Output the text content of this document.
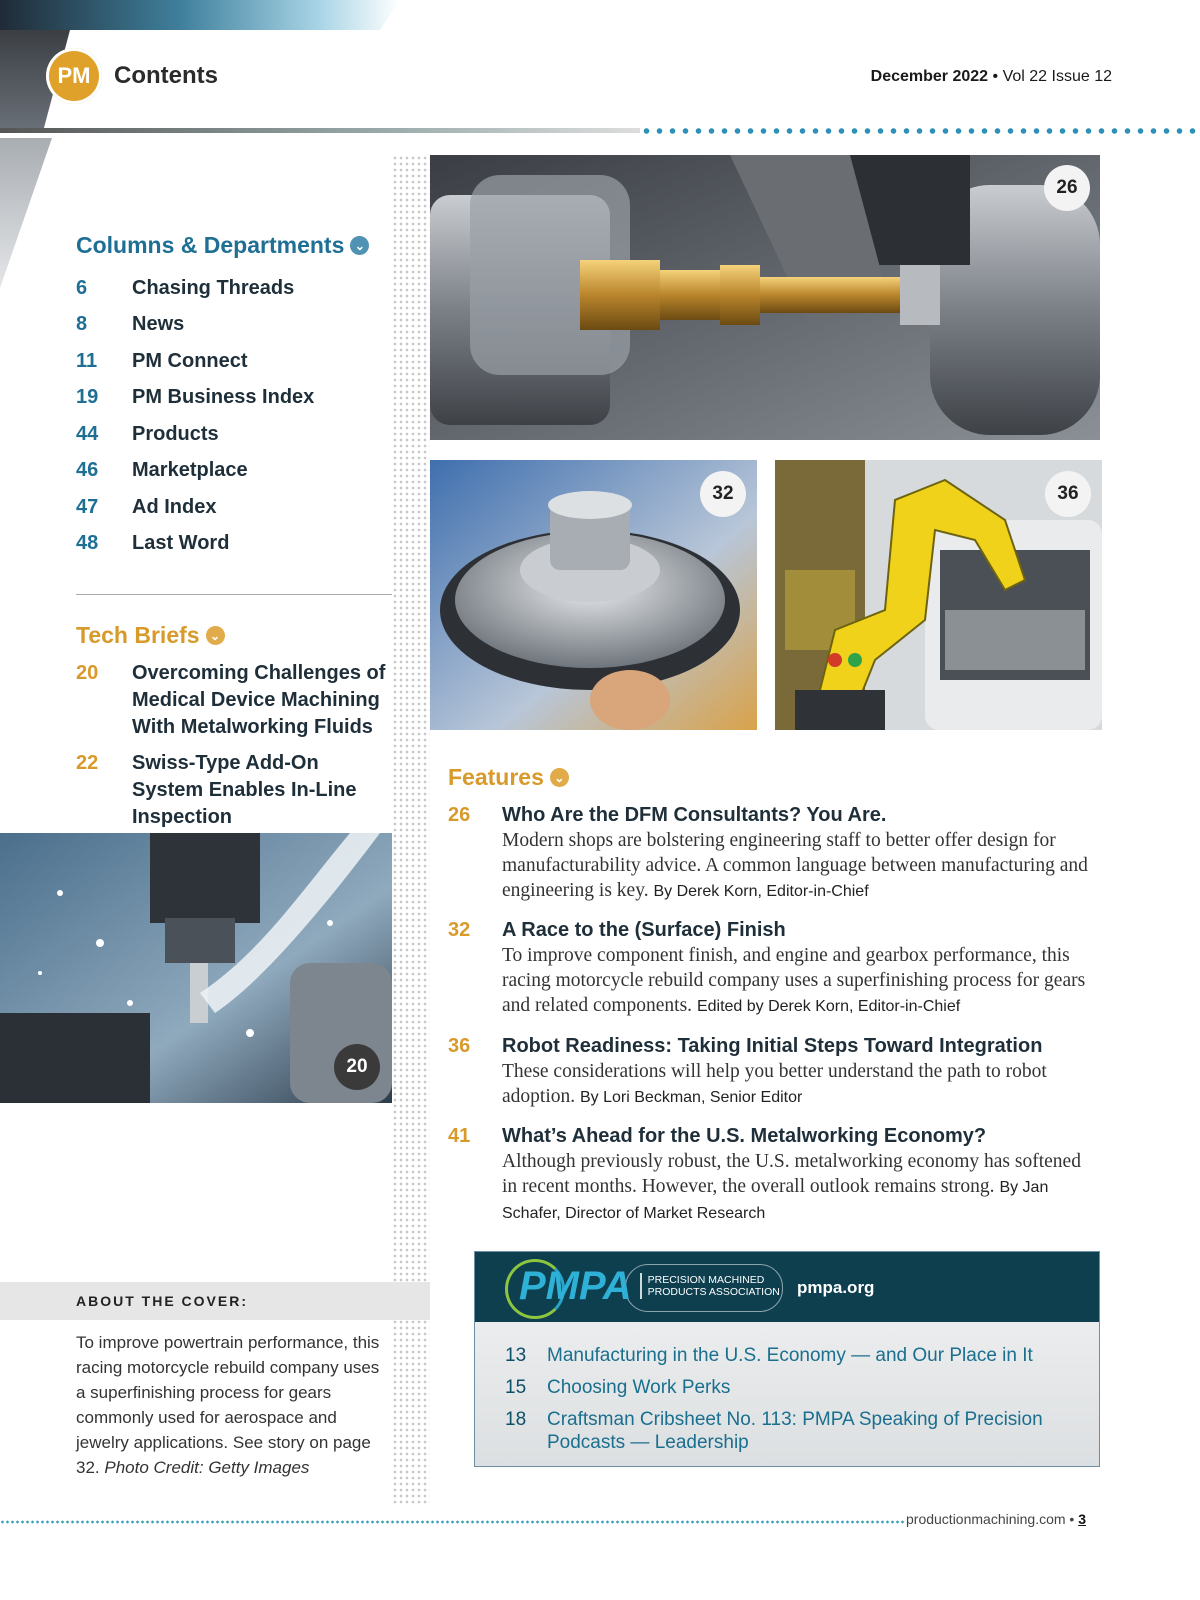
PM Contents	December 2022 • Vol 22 Issue 12
Columns & Departments ⌄
6	Chasing Threads
8	News
11	PM Connect
19	PM Business Index
44	Products
46	Marketplace
47	Ad Index
48	Last Word
Tech Briefs ⌄
20	Overcoming Challenges of Medical Device Machining With Metalworking Fluids
22	Swiss-Type Add-On System Enables In-Line Inspection
26
32	36
20
Features ⌄
26	Who Are the DFM Consultants? You Are.
Modern shops are bolstering engineering staff to better offer design for manufacturability advice. A common language between manufacturing and engineering is key. By Derek Korn, Editor-in-Chief
32	A Race to the (Surface) Finish
To improve component finish, and engine and gearbox performance, this racing motorcycle rebuild company uses a superfinishing process for gears and related components. Edited by Derek Korn, Editor-in-Chief
36	Robot Readiness: Taking Initial Steps Toward Integration
These considerations will help you better understand the path to robot adoption. By Lori Beckman, Senior Editor
41	What’s Ahead for the U.S. Metalworking Economy?
Although previously robust, the U.S. metalworking economy has softened in recent months. However, the overall outlook remains strong. By Jan Schafer, Director of Market Research
ABOUT THE COVER:
To improve powertrain performance, this racing motorcycle rebuild company uses a superfinishing process for gears commonly used for aerospace and jewelry applications. See story on page 32. Photo Credit: Getty Images
PMPA PRECISION MACHINED
PRODUCTS ASSOCIATION pmpa.org
13	Manufacturing in the U.S. Economy — and Our Place in It
15	Choosing Work Perks
18	Craftsman Cribsheet No. 113: PMPA Speaking of Precision Podcasts — Leadership
productionmachining.com • 3
